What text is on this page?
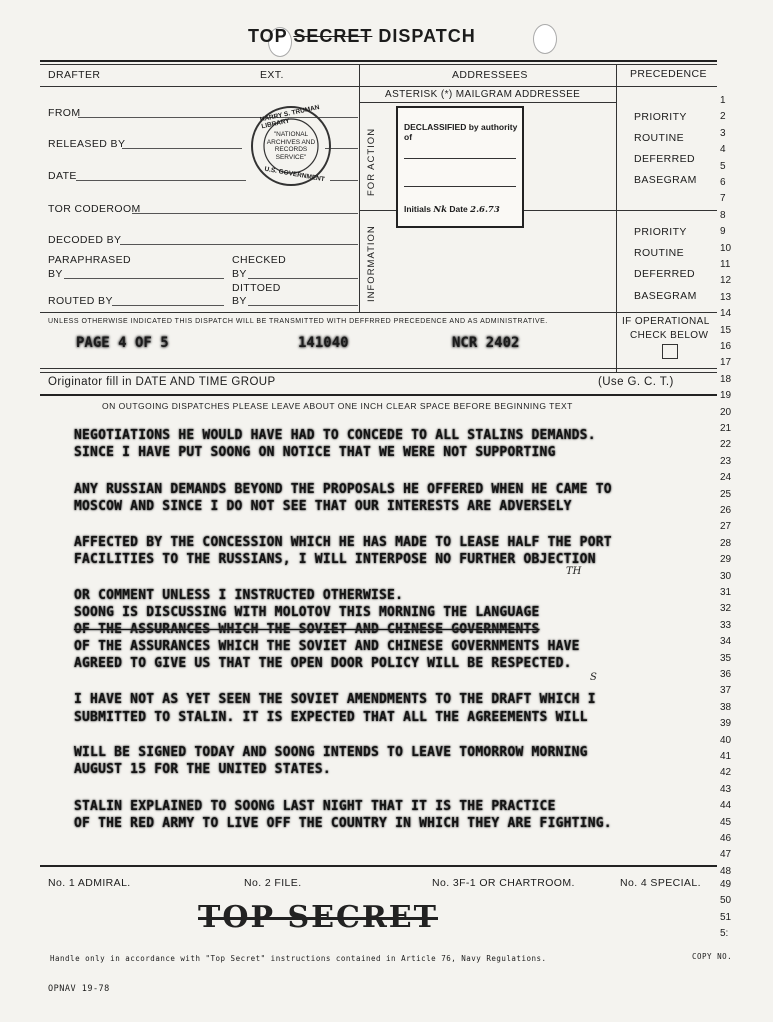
TOP SECRET DISPATCH
DRAFTER	EXT.	ADDRESSEES	PRECEDENCE
ASTERISK (*) MAILGRAM ADDRESSEE
FROM
RELEASED BY
DATE
TOR CODEROOM
DECODED BY
PARAPHRASED
BY
CHECKED
BY
DITTOED
BY
ROUTED BY
HARRY S. TRUMAN LIBRARY
"NATIONAL
ARCHIVES AND
RECORDS
SERVICE"
U.S. GOVERNMENT	FOR ACTION
INFORMATION
DECLASSIFIED by authority of
Initials Nk Date 2.6.73
PRIORITY
ROUTINE
DEFERRED
BASEGRAM
PRIORITY
ROUTINE
DEFERRED
BASEGRAM
UNLESS OTHERWISE INDICATED THIS DISPATCH WILL BE TRANSMITTED WITH DEFFRRED PRECEDENCE AND AS ADMINISTRATIVE.	IF OPERATIONAL
CHECK BELOW
PAGE 4 OF 5	141040	NCR 2402
Originator fill in DATE AND TIME GROUP	(Use G. C. T.)
ON OUTGOING DISPATCHES PLEASE LEAVE ABOUT ONE INCH CLEAR SPACE BEFORE BEGINNING TEXT
1
2
3
4
5
6
7
8
9
10
11
12
13
14
15
16
17
18
19
20
21
22
23
24
25
26
27
28
29
30
31
32
33
34
35
36
37
38
39
40
41
42
43
44
45
46
47
48
49
50
51
5:
NEGOTIATIONS HE WOULD HAVE HAD TO CONCEDE TO ALL STALINS DEMANDS.
SINCE I HAVE PUT SOONG ON NOTICE THAT WE WERE NOT SUPPORTING
ANY RUSSIAN DEMANDS BEYOND THE PROPOSALS HE OFFERED WHEN HE CAME TO
MOSCOW AND SINCE I DO NOT SEE THAT OUR INTERESTS ARE ADVERSELY
AFFECTED BY THE CONCESSION WHICH HE HAS MADE TO LEASE HALF THE PORT
FACILITIES TO THE RUSSIANS, I WILL INTERPOSE NO FURTHER OBJECTION
TH
OR COMMENT UNLESS I INSTRUCTED OTHERWISE.
SOONG IS DISCUSSING WITH MOLOTOV THIS MORNING THE LANGUAGE
OF THE ASSURANCES WHICH THE SOVIET AND CHINESE GOVERNMENTS
OF THE ASSURANCES WHICH THE SOVIET AND CHINESE GOVERNMENTS HAVE
AGREED TO GIVE US THAT THE OPEN DOOR POLICY WILL BE RESPECTED.
S
I HAVE NOT AS YET SEEN THE SOVIET AMENDMENTS TO THE DRAFT WHICH I
SUBMITTED TO STALIN. IT IS EXPECTED THAT ALL THE AGREEMENTS WILL
WILL BE SIGNED TODAY AND SOONG INTENDS TO LEAVE TOMORROW MORNING
AUGUST 15 FOR THE UNITED STATES.
STALIN EXPLAINED TO SOONG LAST NIGHT THAT IT IS THE PRACTICE
OF THE RED ARMY TO LIVE OFF THE COUNTRY IN WHICH THEY ARE FIGHTING.
No. 1 ADMIRAL.	No. 2 FILE.	No. 3F-1 OR CHARTROOM.	No. 4 SPECIAL.
TOP SECRET
Handle only in accordance with "Top Secret" instructions contained in Article 76, Navy Regulations.	COPY NO.
OPNAV 19-78
